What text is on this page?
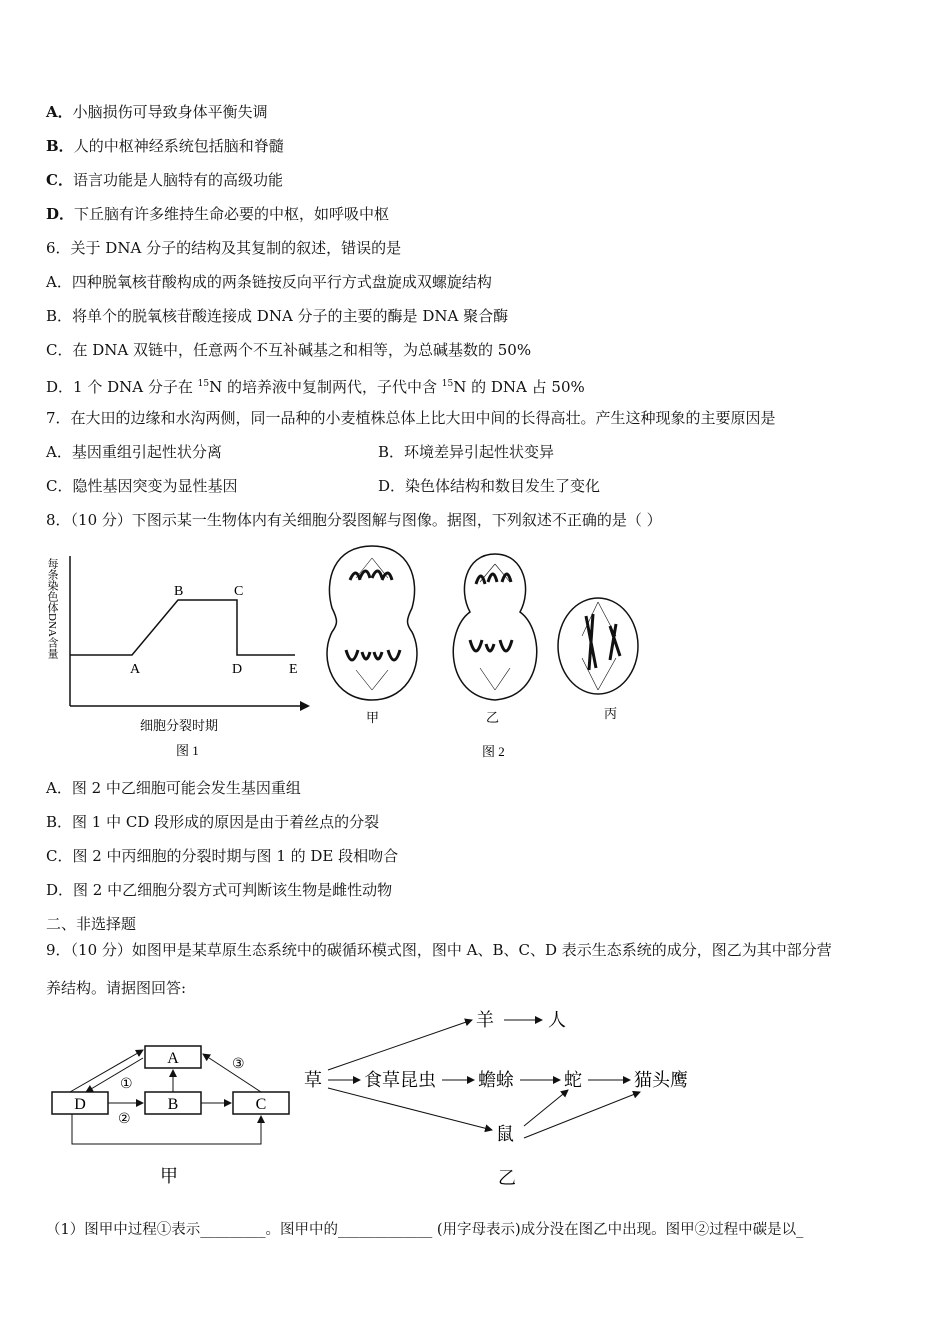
A．小脑损伤可导致身体平衡失调
B．人的中枢神经系统包括脑和脊髓
C．语言功能是人脑特有的高级功能
D．下丘脑有许多维持生命必要的中枢，如呼吸中枢
6．关于 DNA 分子的结构及其复制的叙述，错误的是
A．四种脱氧核苷酸构成的两条链按反向平行方式盘旋成双螺旋结构
B．将单个的脱氧核苷酸连接成 DNA 分子的主要的酶是 DNA 聚合酶
C．在 DNA 双链中，任意两个不互补碱基之和相等，为总碱基数的 50%
D．1 个 DNA 分子在 $^{15}$N 的培养液中复制两代，子代中含 $^{15}$N 的 DNA 占 50%
7．在大田的边缘和水沟两侧，同一品种的小麦植株总体上比大田中间的长得高壮。产生这种现象的主要原因是
A．基因重组引起性状分离	B．环境差异引起性状变异
C．隐性基因突变为显性基因	D．染色体结构和数目发生了变化
8．（10 分）下图示某一生物体内有关细胞分裂图解与图像。据图，下列叙述不正确的是（ ）
每条染色体DNA含量
A
B	C
D	E
细胞分裂时期
图 1
甲	乙	丙
图 2
A．图 2 中乙细胞可能会发生基因重组
B．图 1 中 CD 段形成的原因是由于着丝点的分裂
C．图 2 中丙细胞的分裂时期与图 1 的 DE 段相吻合
D．图 2 中乙细胞分裂方式可判断该生物是雌性动物
二、非选择题
9．（10 分）如图甲是某草原生态系统中的碳循环模式图，图中 A、B、C、D 表示生态系统的成分，图乙为其中部分营
养结构。请据图回答:
A
D	B	C
①
②
③
甲
草 食草昆虫 蟾蜍	蛇	猫头鹰
羊	人
鼠
乙
（1）图甲中过程①表示_________。图甲中的_____________ (用字母表示)成分没在图乙中出现。图甲②过程中碳是以_
